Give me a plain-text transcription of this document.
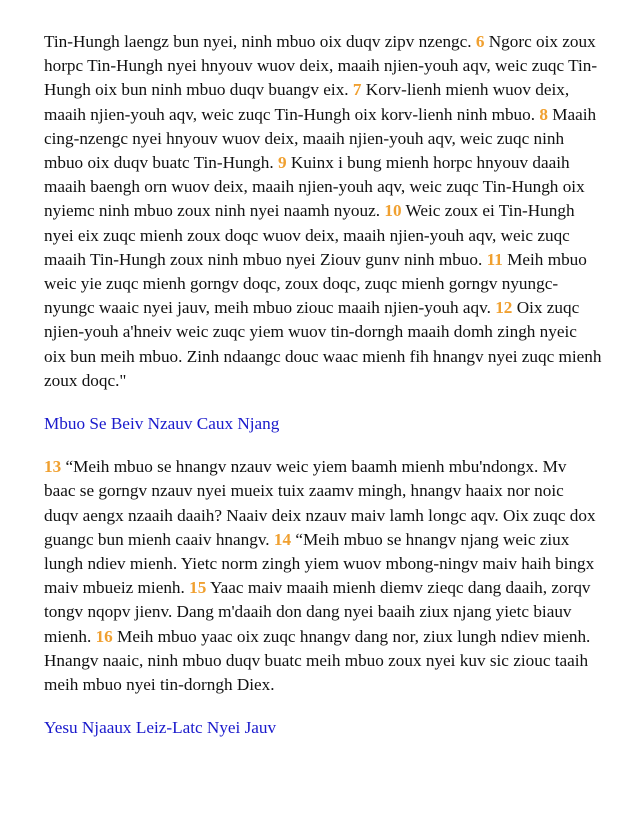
Tin-Hungh laengz bun nyei, ninh mbuo oix duqv zipv nzengc. 6 Ngorc oix zoux horpc Tin-Hungh nyei hnyouv wuov deix, maaih njien-youh aqv, weic zuqc Tin-Hungh oix bun ninh mbuo duqv buangv eix. 7 Korv-lienh mienh wuov deix, maaih njien-youh aqv, weic zuqc Tin-Hungh oix korv-lienh ninh mbuo. 8 Maaih cing-nzengc nyei hnyouv wuov deix, maaih njien-youh aqv, weic zuqc ninh mbuo oix duqv buatc Tin-Hungh. 9 Kuinx i bung mienh horpc hnyouv daaih maaih baengh orn wuov deix, maaih njien-youh aqv, weic zuqc Tin-Hungh oix nyiemc ninh mbuo zoux ninh nyei naamh nyouz. 10 Weic zoux ei Tin-Hungh nyei eix zuqc mienh zoux doqc wuov deix, maaih njien-youh aqv, weic zuqc maaih Tin-Hungh zoux ninh mbuo nyei Ziouv gunv ninh mbuo. 11 Meih mbuo weic yie zuqc mienh gorngv doqc, zoux doqc, zuqc mienh gorngv nyungc-nyungc waaic nyei jauv, meih mbuo ziouc maaih njien-youh aqv. 12 Oix zuqc njien-youh a'hneiv weic zuqc yiem wuov tin-dorngh maaih domh zingh nyeic oix bun meih mbuo. Zinh ndaangc douc waac mienh fih hnangv nyei zuqc mienh zoux doqc."

Mbuo Se Beiv Nzauv Caux Njang

13 “Meih mbuo se hnangv nzauv weic yiem baamh mienh mbu'ndongx. Mv baac se gorngv nzauv nyei mueix tuix zaamv mingh, hnangv haaix nor noic duqv aengx nzaaih daaih? Naaiv deix nzauv maiv lamh longc aqv. Oix zuqc dox guangc bun mienh caaiv hnangv. 14 “Meih mbuo se hnangv njang weic ziux lungh ndiev mienh. Yietc norm zingh yiem wuov mbong-ningv maiv haih bingx maiv mbueiz mienh. 15 Yaac maiv maaih mienh diemv zieqc dang daaih, zorqv tongv nqopv jienv. Dang m'daaih don dang nyei baaih ziux njang yietc biauv mienh. 16 Meih mbuo yaac oix zuqc hnangv dang nor, ziux lungh ndiev mienh. Hnangv naaic, ninh mbuo duqv buatc meih mbuo zoux nyei kuv sic ziouc taaih meih mbuo nyei tin-dorngh Diex.

Yesu Njaaux Leiz-Latc Nyei Jauv
